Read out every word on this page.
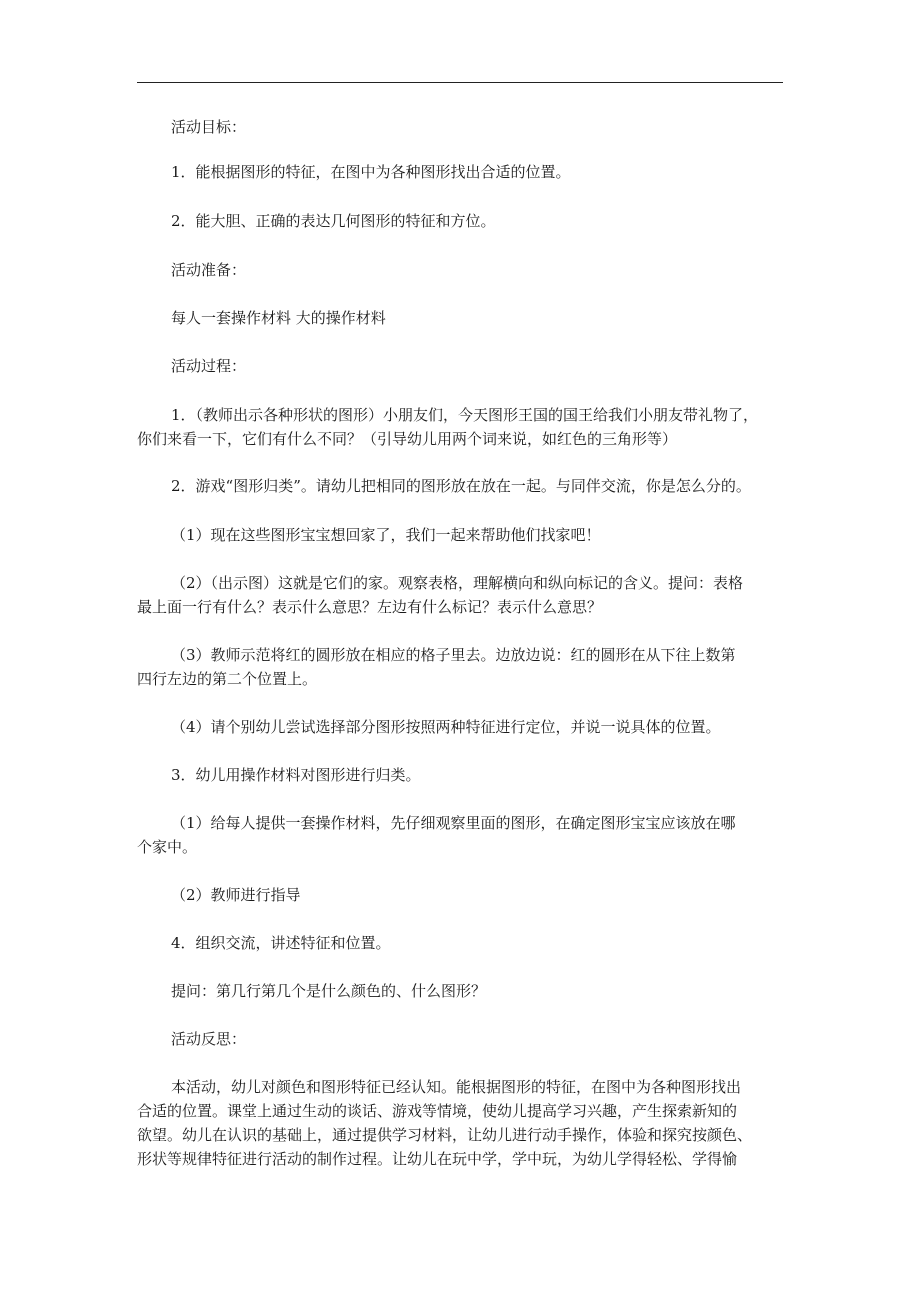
活动目标：
1．能根据图形的特征，在图中为各种图形找出合适的位置。
2．能大胆、正确的表达几何图形的特征和方位。
活动准备：
每人一套操作材料 大的操作材料
活动过程：
1．（教师出示各种形状的图形）小朋友们，今天图形王国的国王给我们小朋友带礼物了，
你们来看一下，它们有什么不同？（引导幼儿用两个词来说，如红色的三角形等）
2．游戏“图形归类”。请幼儿把相同的图形放在放在一起。与同伴交流，你是怎么分的。
（1）现在这些图形宝宝想回家了，我们一起来帮助他们找家吧！
（2）（出示图）这就是它们的家。观察表格，理解横向和纵向标记的含义。提问：表格
最上面一行有什么？表示什么意思？左边有什么标记？表示什么意思？
（3）教师示范将红的圆形放在相应的格子里去。边放边说：红的圆形在从下往上数第
四行左边的第二个位置上。
（4）请个别幼儿尝试选择部分图形按照两种特征进行定位，并说一说具体的位置。
3．幼儿用操作材料对图形进行归类。
（1）给每人提供一套操作材料，先仔细观察里面的图形，在确定图形宝宝应该放在哪
个家中。
（2）教师进行指导
4．组织交流，讲述特征和位置。
提问：第几行第几个是什么颜色的、什么图形？
活动反思：
本活动，幼儿对颜色和图形特征已经认知。能根据图形的特征，在图中为各种图形找出
合适的位置。课堂上通过生动的谈话、游戏等情境，使幼儿提高学习兴趣，产生探索新知的
欲望。幼儿在认识的基础上，通过提供学习材料，让幼儿进行动手操作，体验和探究按颜色、
形状等规律特征进行活动的制作过程。让幼儿在玩中学，学中玩，为幼儿学得轻松、学得愉
